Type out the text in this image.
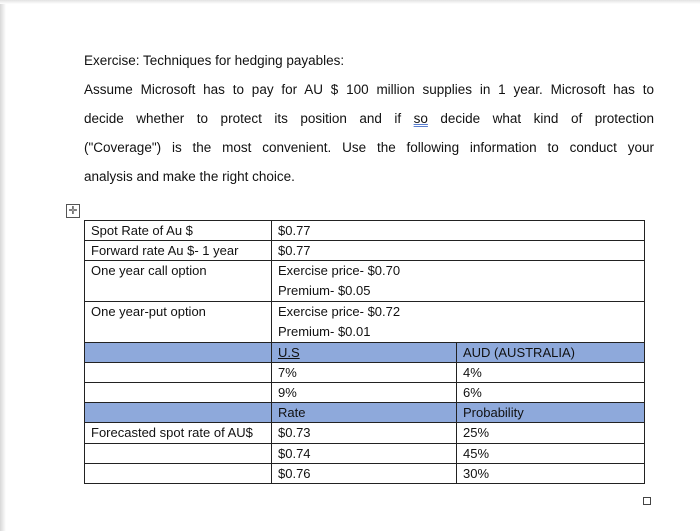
Exercise: Techniques for hedging payables:
Assume Microsoft has to pay for AU $ 100 million supplies in 1 year. Microsoft has to
decide whether to protect its position and if so decide what kind of protection
("Coverage") is the most convenient. Use the following information to conduct your
analysis and make the right choice.
✛
Spot Rate of Au $	$0.77	
Forward rate Au $- 1 year	$0.77	
One year call option	Exercise price- $0.70
Premium- $0.05	

One year-put option	Exercise price- $0.72
Premium- $0.01	

	U.S	AUD (AUSTRALIA)
	7%	4%
	9%	6%
	Rate	Probability

Forecasted spot rate of AU$	$0.73	25%
	$0.74	45%
	$0.76	30%
